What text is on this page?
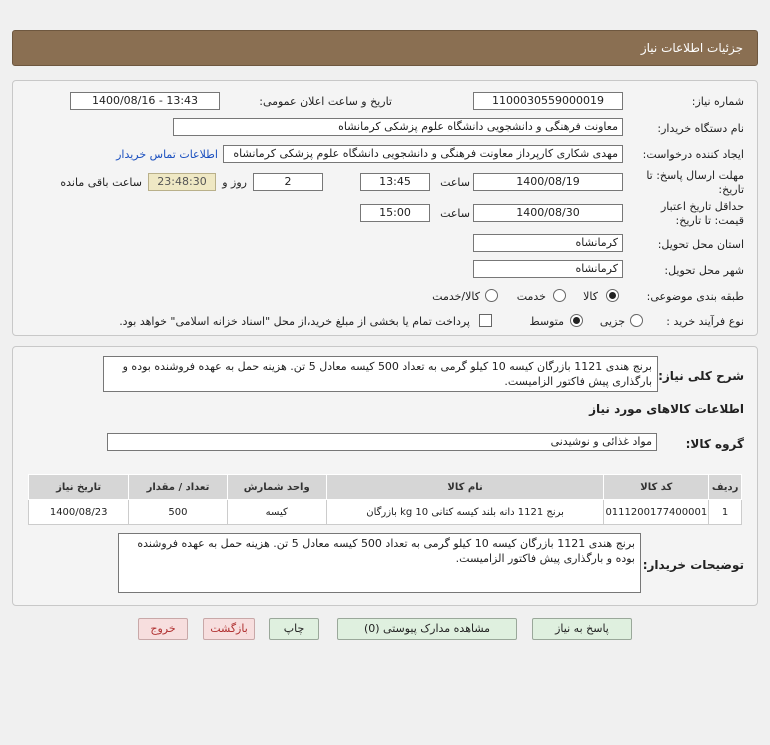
جزئیات اطلاعات نیاز
شماره نیاز:
1100030559000019
تاریخ و ساعت اعلان عمومی:
1400/08/16 - 13:43
نام دستگاه خریدار:
معاونت فرهنگی و دانشجویی دانشگاه علوم پزشکی کرمانشاه
ایجاد کننده درخواست:
مهدی شکاری کارپرداز معاونت فرهنگی و دانشجویی دانشگاه علوم پزشکی کرمانشاه
اطلاعات تماس خریدار
مهلت ارسال پاسخ: تا
تاریخ:
1400/08/19
ساعت
13:45
2
روز و
23:48:30
ساعت باقی مانده
حداقل تاریخ اعتبار
قیمت: تا تاریخ:
1400/08/30
ساعت
15:00
استان محل تحویل:
کرمانشاه
شهر محل تحویل:
کرمانشاه
طبقه بندی موضوعی:
کالا
خدمت
کالا/خدمت
نوع فرآیند خرید :
جزیی
متوسط
پرداخت تمام یا بخشی از مبلغ خرید،از محل "اسناد خزانه اسلامی" خواهد بود.
شرح کلی نیاز:
برنج هندی 1121 بازرگان کیسه 10 کیلو گرمی به تعداد 500 کیسه معادل 5 تن. هزینه حمل به عهده فروشنده بوده و بارگذاری پیش فاکتور الزامیست.
اطلاعات کالاهای مورد نیاز
گروه کالا:
مواد غذائی و نوشیدنی
ردیف	کد کالا	نام کالا	واحد شمارش	تعداد / مقدار	تاریخ نیاز
1	0111200177400001	برنج 1121 دانه بلند کیسه کتانی 10 kg بازرگان	کیسه	500	1400/08/23
توضیحات خریدار:
برنج هندی 1121 بازرگان کیسه 10 کیلو گرمی به تعداد 500 کیسه معادل 5 تن. هزینه حمل به عهده فروشنده بوده و بارگذاری پیش فاکتور الزامیست.
پاسخ به نیاز
مشاهده مدارک پیوستی (0)
چاپ
بازگشت
خروج
